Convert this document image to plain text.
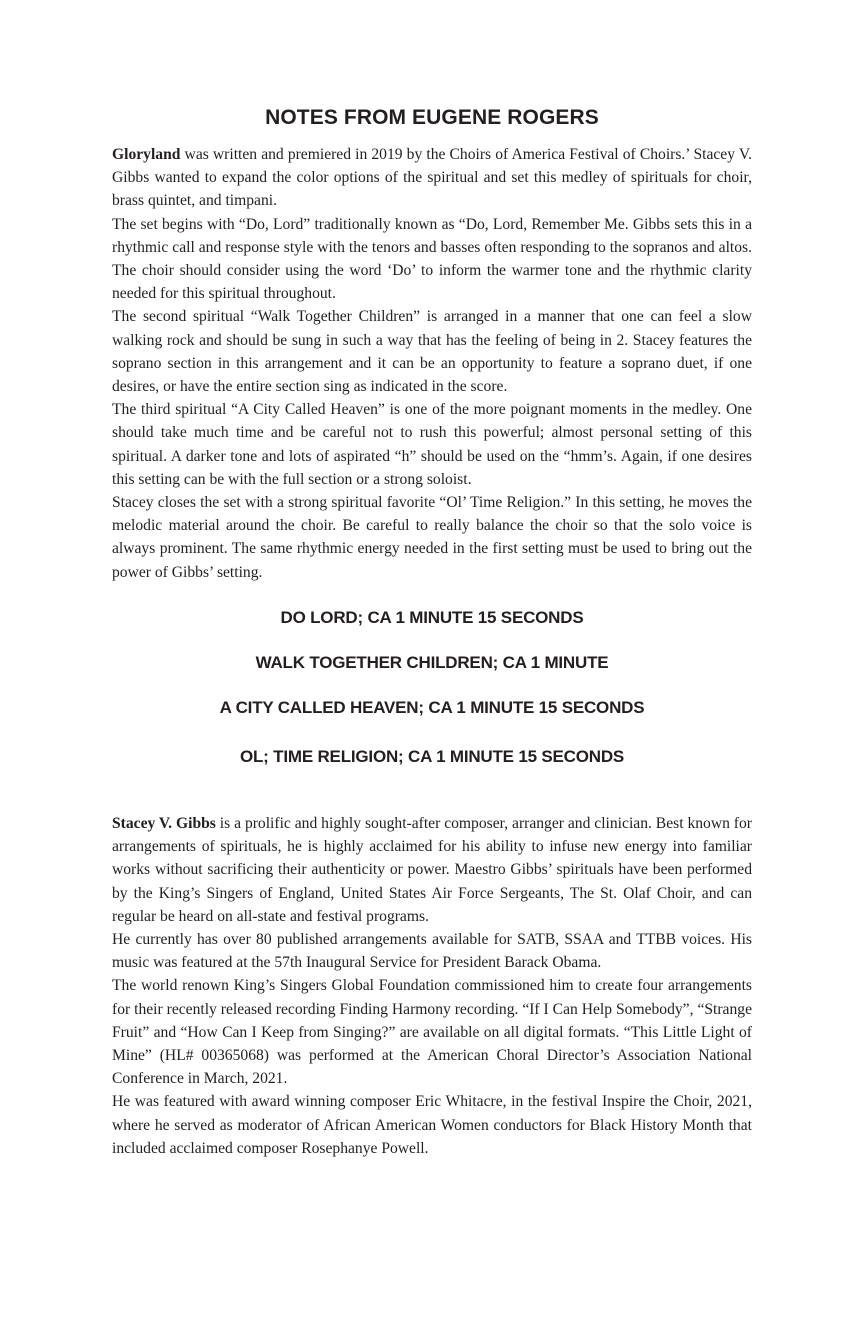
NOTES FROM EUGENE ROGERS

Gloryland was written and premiered in 2019 by the Choirs of America Festival of Choirs.’ Stacey V. Gibbs wanted to expand the color options of the spiritual and set this medley of spirituals for choir, brass quintet, and timpani.

The set begins with “Do, Lord” traditionally known as “Do, Lord, Remember Me. Gibbs sets this in a rhythmic call and response style with the tenors and basses often responding to the sopranos and altos. The choir should consider using the word ‘Do’ to inform the warmer tone and the rhythmic clarity needed for this spiritual throughout.

The second spiritual “Walk Together Children” is arranged in a manner that one can feel a slow walking rock and should be sung in such a way that has the feeling of being in 2. Stacey features the soprano section in this arrangement and it can be an opportunity to feature a soprano duet, if one desires, or have the entire section sing as indicated in the score.

The third spiritual “A City Called Heaven” is one of the more poignant moments in the medley. One should take much time and be careful not to rush this powerful; almost personal setting of this spiritual. A darker tone and lots of aspirated “h” should be used on the “hmm’s. Again, if one desires this setting can be with the full section or a strong soloist.

Stacey closes the set with a strong spiritual favorite “Ol’ Time Religion.” In this setting, he moves the melodic material around the choir. Be careful to really balance the choir so that the solo voice is always prominent. The same rhythmic energy needed in the first setting must be used to bring out the power of Gibbs’ setting.

DO LORD; CA 1 MINUTE 15 SECONDS
WALK TOGETHER CHILDREN; CA 1 MINUTE
A CITY CALLED HEAVEN; CA 1 MINUTE 15 SECONDS
OL; TIME RELIGION; CA 1 MINUTE 15 SECONDS

Stacey V. Gibbs is a prolific and highly sought-after composer, arranger and clinician. Best known for arrangements of spirituals, he is highly acclaimed for his ability to infuse new energy into familiar works without sacrificing their authenticity or power. Maestro Gibbs’ spirituals have been performed by the King’s Singers of England, United States Air Force Sergeants, The St. Olaf Choir, and can regular be heard on all-state and festival programs.

He currently has over 80 published arrangements available for SATB, SSAA and TTBB voices. His music was featured at the 57th Inaugural Service for President Barack Obama.

The world renown King’s Singers Global Foundation commissioned him to create four arrangements for their recently released recording Finding Harmony recording. “If I Can Help Somebody”, “Strange Fruit” and “How Can I Keep from Singing?” are available on all digital formats. “This Little Light of Mine” (HL# 00365068) was performed at the American Choral Director’s Association National Conference in March, 2021.

He was featured with award winning composer Eric Whitacre, in the festival Inspire the Choir, 2021, where he served as moderator of African American Women conductors for Black History Month that included acclaimed composer Rosephanye Powell.
